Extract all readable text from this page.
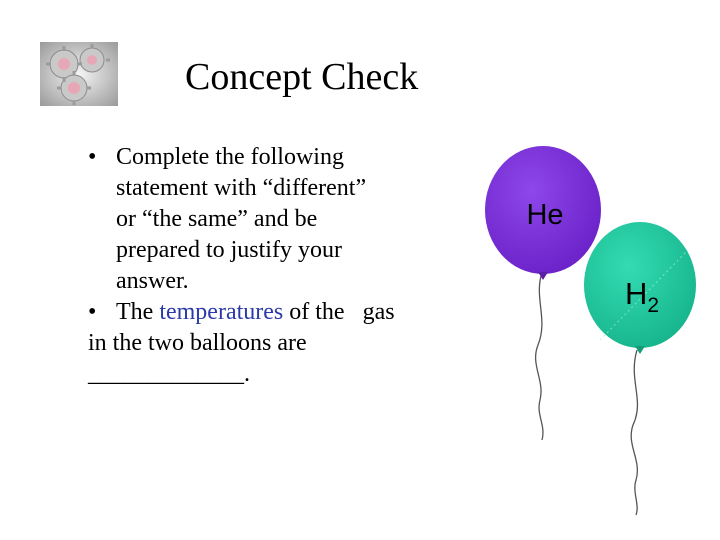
Concept Check
• Complete the following
statement with “different”
or “the same” and be
prepared to justify your
answer.
• The temperatures of the   gas
in the two balloons are
_____________.
He
$H_2$
